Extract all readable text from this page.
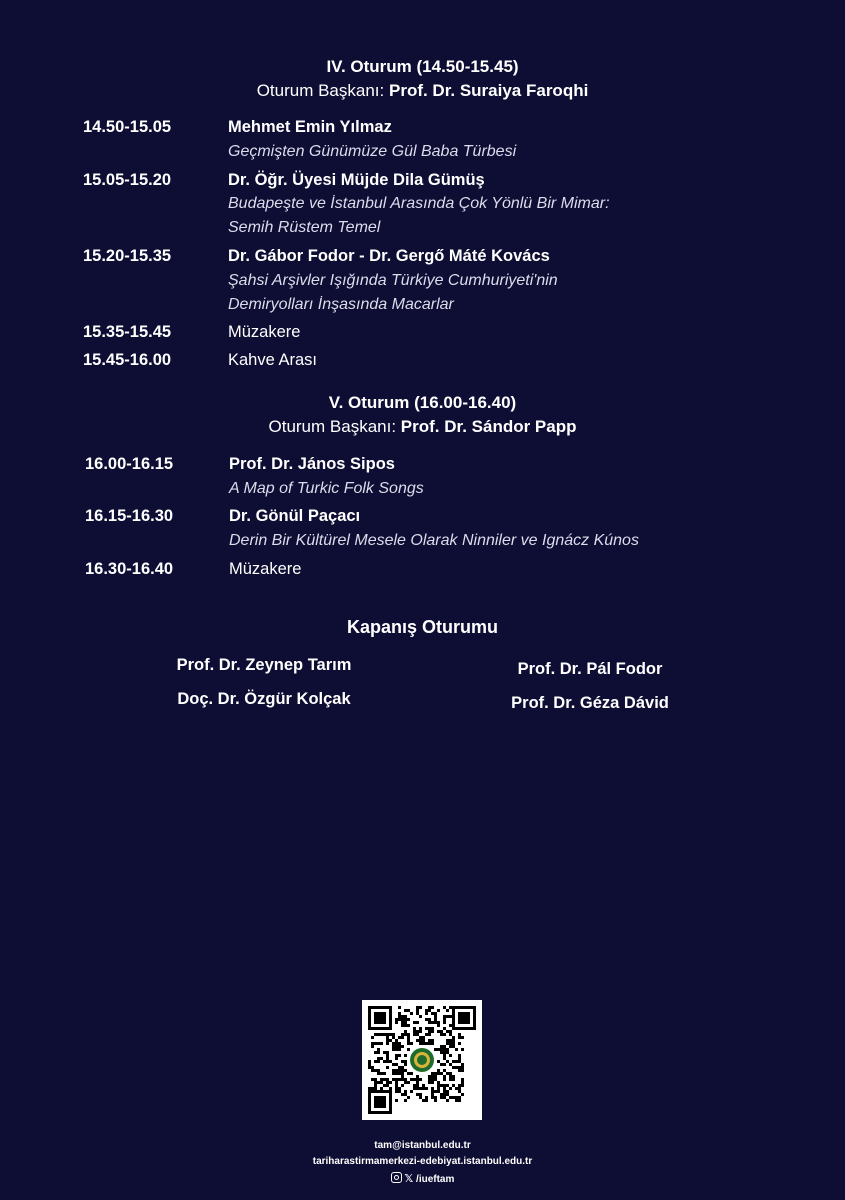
IV. Oturum (14.50-15.45)
Oturum Başkanı: Prof. Dr. Suraiya Faroqhi
14.50-15.05	Mehmet Emin Yılmaz
Geçmişten Günümüze Gül Baba Türbesi
15.05-15.20	Dr. Öğr. Üyesi Müjde Dila Gümüş
Budapeşte ve İstanbul Arasında Çok Yönlü Bir Mimar:
Semih Rüstem Temel
15.20-15.35	Dr. Gábor Fodor - Dr. Gergő Máté Kovács
Şahsi Arşivler Işığında Türkiye Cumhuriyeti'nin
Demiryolları İnşasında Macarlar
15.35-15.45	Müzakere
15.45-16.00	Kahve Arası
V. Oturum (16.00-16.40)
Oturum Başkanı: Prof. Dr. Sándor Papp
16.00-16.15	Prof. Dr. János Sipos
A Map of Turkic Folk Songs
16.15-16.30	Dr. Gönül Paçacı
Derin Bir Kültürel Mesele Olarak Ninniler ve Ignácz Kúnos
16.30-16.40	Müzakere
Kapanış Oturumu
Prof. Dr. Zeynep Tarım
Doç. Dr. Özgür Kolçak
Prof. Dr. Pál Fodor
Prof. Dr. Géza Dávid
tam@istanbul.edu.tr
tariharastirmamerkezi-edebiyat.istanbul.edu.tr
𝕏 /iueftam
